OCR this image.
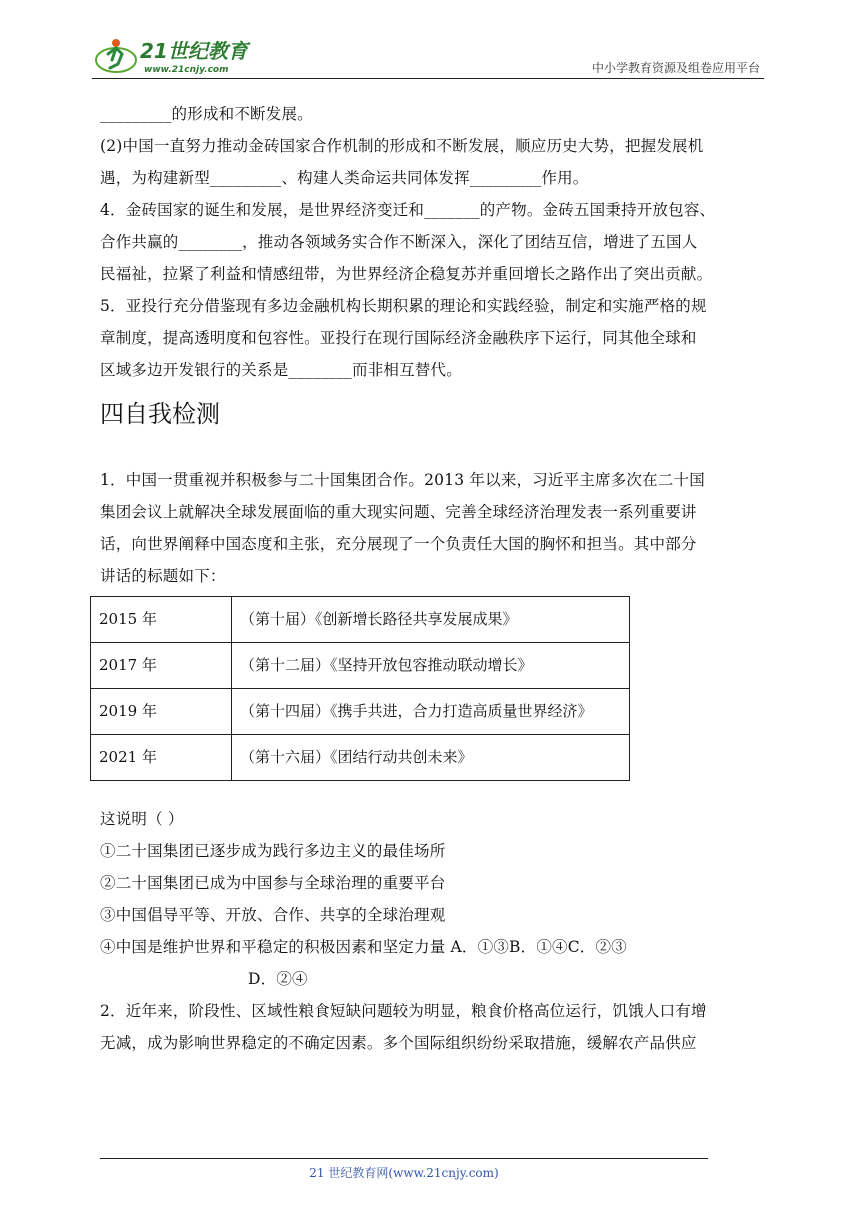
21世纪教育
www.21cnjy.com	中小学教育资源及组卷应用平台

_________的形成和不断发展。

(2)中国一直努力推动金砖国家合作机制的形成和不断发展，顺应历史大势，把握发展机

遇，为构建新型_________、构建人类命运共同体发挥_________作用。

4．金砖国家的诞生和发展，是世界经济变迁和_______的产物。金砖五国秉持开放包容、

合作共赢的________，推动各领域务实合作不断深入，深化了团结互信，增进了五国人

民福祉，拉紧了利益和情感纽带，为世界经济企稳复苏并重回增长之路作出了突出贡献。

5．亚投行充分借鉴现有多边金融机构长期积累的理论和实践经验，制定和实施严格的规

章制度，提高透明度和包容性。亚投行在现行国际经济金融秩序下运行，同其他全球和

区域多边开发银行的关系是________而非相互替代。

四自我检测

1．中国一贯重视并积极参与二十国集团合作。2013 年以来，习近平主席多次在二十国

集团会议上就解决全球发展面临的重大现实问题、完善全球经济治理发表一系列重要讲

话，向世界阐释中国态度和主张，充分展现了一个负责任大国的胸怀和担当。其中部分

讲话的标题如下：

2015 年	（第十届）《创新增长路径共享发展成果》
2017 年	（第十二届）《坚持开放包容推动联动增长》
2019 年	（第十四届）《携手共进，合力打造高质量世界经济》
2021 年	（第十六届）《团结行动共创未来》

这说明（ ）

①二十国集团已逐步成为践行多边主义的最佳场所

②二十国集团已成为中国参与全球治理的重要平台

③中国倡导平等、开放、合作、共享的全球治理观

④中国是维护世界和平稳定的积极因素和坚定力量 A．①③B．①④C．②③

D．②④

2．近年来，阶段性、区域性粮食短缺问题较为明显，粮食价格高位运行，饥饿人口有增

无减，成为影响世界稳定的不确定因素。多个国际组织纷纷采取措施，缓解农产品供应

21 世纪教育网(www.21cnjy.com)
